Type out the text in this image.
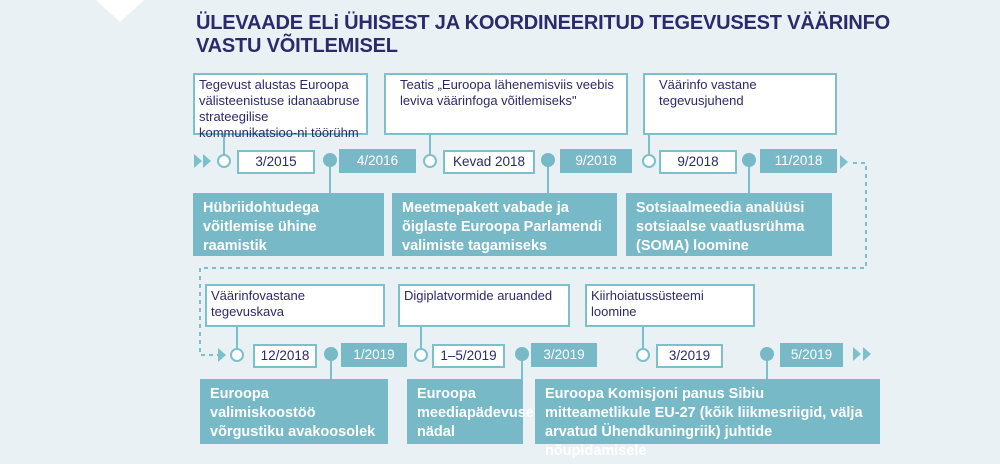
ÜLEVAADE ELi ÜHISEST JA KOORDINEERITUD TEGEVUSEST VÄÄRINFO VASTU VÕITLEMISEL
Tegevust alustas Euroopa välisteenistuse idanaabruse strateegilise kommunikatsioo-ni töörühm
3/2015
Teatis „Euroopa lähenemisviis veebis leviva väärinfoga võitlemiseks"
Kevad 2018
Väärinfo vastane tegevusjuhend
9/2018
Väärinfovastane tegevuskava
12/2018
Digiplatvormide aruanded
1–5/2019
Kiirhoiatussüsteemi loomine
3/2019
4/2016
Hübriidohtudega võitlemise ühine raamistik
9/2018
Meetmepakett vabade ja õiglaste Euroopa Parlamendi valimiste tagamiseks
11/2018
Sotsiaalmeedia analüüsi sotsiaalse vaatlusrühma (SOMA) loomine
1/2019
Euroopa valimiskoostöö võrgustiku avakoosolek
3/2019
Euroopa meediapädevuse nädal
5/2019
Euroopa Komisjoni panus Sibiu mitteametlikule EU-27 (kõik liikmesriigid, välja arvatud Ühendkuningriik) juhtide nõupidamisele
